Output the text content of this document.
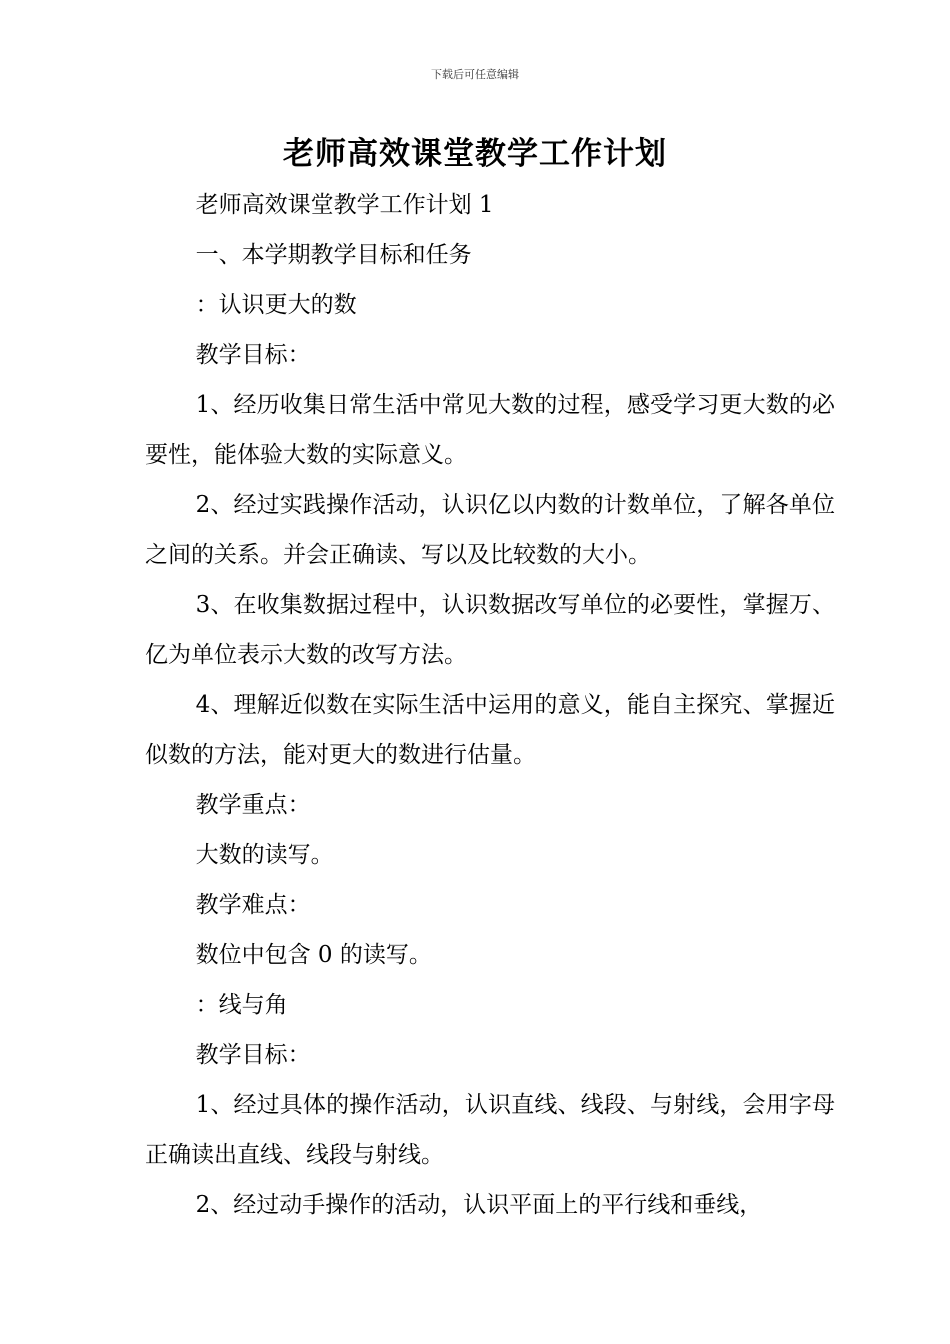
下载后可任意编辑
老师高效课堂教学工作计划

老师高效课堂教学工作计划 1

一、本学期教学目标和任务

：认识更大的数

教学目标：

1、经历收集日常生活中常见大数的过程，感受学习更大数的必要性，能体验大数的实际意义。

2、经过实践操作活动，认识亿以内数的计数单位，了解各单位之间的关系。并会正确读、写以及比较数的大小。

3、在收集数据过程中，认识数据改写单位的必要性，掌握万、亿为单位表示大数的改写方法。

4、理解近似数在实际生活中运用的意义，能自主探究、掌握近似数的方法，能对更大的数进行估量。

教学重点：

大数的读写。

教学难点：

数位中包含 0 的读写。

：线与角

教学目标：

1、经过具体的操作活动，认识直线、线段、与射线，会用字母正确读出直线、线段与射线。

2、经过动手操作的活动，认识平面上的平行线和垂线，
